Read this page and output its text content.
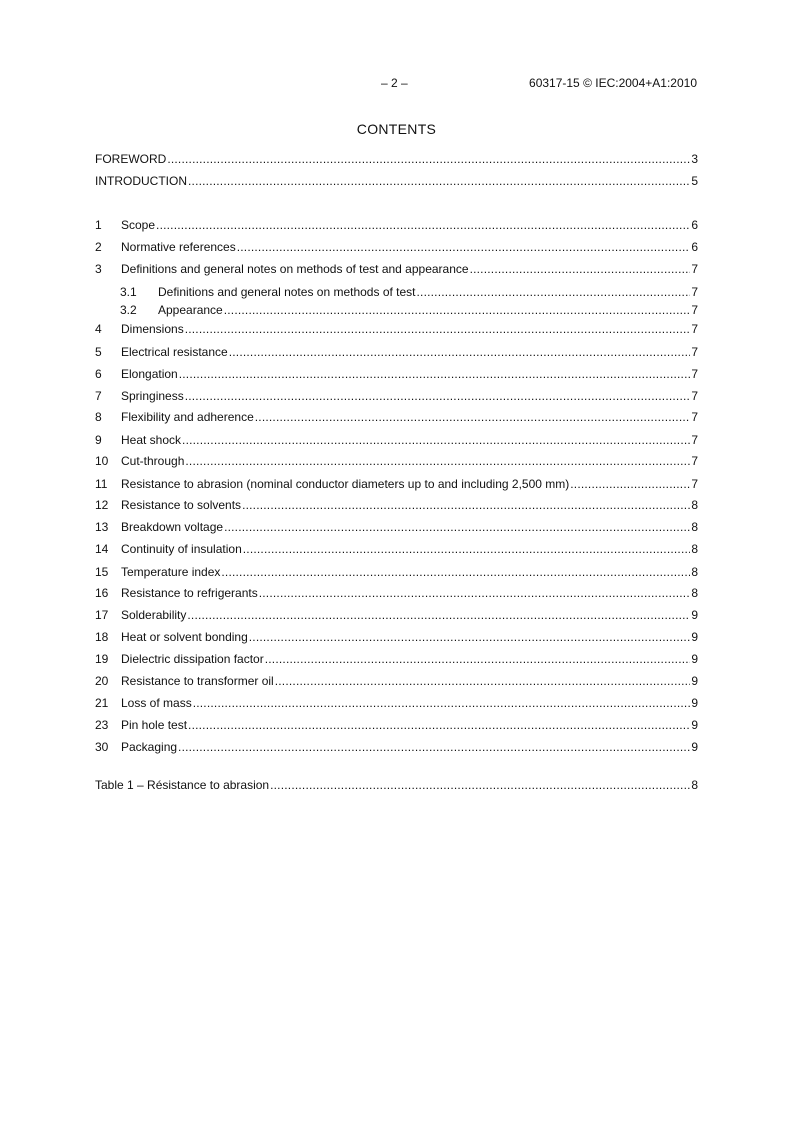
– 2 –	60317-15 © IEC:2004+A1:2010
CONTENTS
FOREWORD .....	3
INTRODUCTION .....	5
1	Scope .....	6
2	Normative references .....	6
3	Definitions and general notes on methods of test and appearance .....	7
3.1	Definitions and general notes on methods of test .....	7
3.2	Appearance .....	7
4	Dimensions .....	7
5	Electrical resistance .....	7
6	Elongation .....	7
7	Springiness .....	7
8	Flexibility and adherence .....	7
9	Heat shock .....	7
10	Cut-through .....	7
11	Resistance to abrasion (nominal conductor diameters up to and including 2,500 mm) .....	7
12	Resistance to solvents .....	8
13	Breakdown voltage .....	8
14	Continuity of insulation .....	8
15	Temperature index .....	8
16	Resistance to refrigerants .....	8
17	Solderability .....	9
18	Heat or solvent bonding .....	9
19	Dielectric dissipation factor .....	9
20	Resistance to transformer oil .....	9
21	Loss of mass .....	9
23	Pin hole test .....	9
30	Packaging .....	9
Table 1 – Résistance to abrasion .....	8
